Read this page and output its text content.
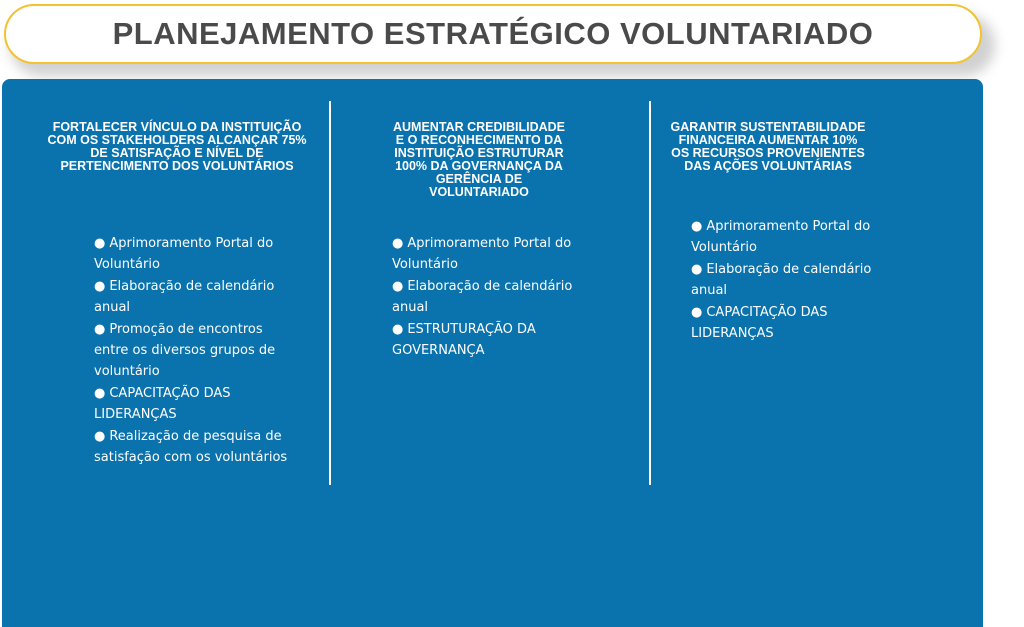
PLANEJAMENTO ESTRATÉGICO VOLUNTARIADO
FORTALECER VÍNCULO DA INSTITUIÇÃO COM OS STAKEHOLDERS ALCANÇAR 75% DE SATISFAÇÃO E NÍVEL DE PERTENCIMENTO DOS VOLUNTÁRIOS
● Aprimoramento Portal do Voluntário
● Elaboração de calendário anual
● Promoção de encontros entre os diversos grupos de voluntário
● CAPACITAÇÃO DAS LIDERANÇAS
● Realização de pesquisa de satisfação com os voluntários
AUMENTAR CREDIBILIDADE E O RECONHECIMENTO DA INSTITUIÇÃO ESTRUTURAR 100% DA GOVERNANÇA DA GERÊNCIA DE VOLUNTARIADO
● Aprimoramento Portal do Voluntário
● Elaboração de calendário anual
● ESTRUTURAÇÃO DA GOVERNANÇA
GARANTIR SUSTENTABILIDADE FINANCEIRA AUMENTAR 10% OS RECURSOS PROVENIENTES DAS AÇÕES VOLUNTÁRIAS
● Aprimoramento Portal do Voluntário
● Elaboração de calendário anual
● CAPACITAÇÃO DAS LIDERANÇAS
